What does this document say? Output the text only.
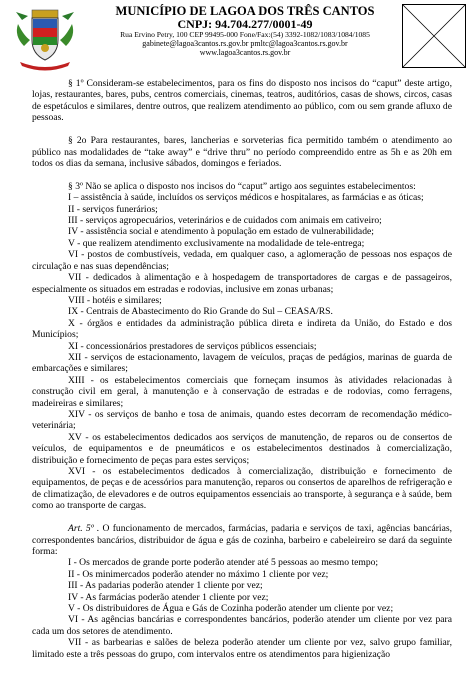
MUNICÍPIO DE LAGOA DOS TRÊS CANTOS
CNPJ: 94.704.277/0001-49
Rua Ervino Petry, 100 CEP 99495-000 Fone/Fax:(54) 3392-1082/1083/1084/1085
gabinete@lagoa3cantos.rs.gov.br pmltc@lagoa3cantos.rs.gov.br
www.lagoa3cantos.rs.gov.br

§ 1º Consideram-se estabelecimentos, para os fins do disposto nos incisos do “caput” deste artigo, lojas, restaurantes, bares, pubs, centros comerciais, cinemas, teatros, auditórios, casas de shows, circos, casas de espetáculos e similares, dentre outros, que realizem atendimento ao público, com ou sem grande afluxo de pessoas.

§ 2o Para restaurantes, bares, lancherias e sorveterias fica permitido também o atendimento ao público nas modalidades de “take away” e “drive thru” no período compreendido entre as 5h e as 20h em todos os dias da semana, inclusive sábados, domingos e feriados.

§ 3º Não se aplica o disposto nos incisos do “caput” artigo aos seguintes estabelecimentos:

I – assistência à saúde, incluídos os serviços médicos e hospitalares, as farmácias e as óticas;

II - serviços funerários;

III - serviços agropecuários, veterinários e de cuidados com animais em cativeiro;

IV - assistência social e atendimento à população em estado de vulnerabilidade;

V - que realizem atendimento exclusivamente na modalidade de tele-entrega;

VI - postos de combustíveis, vedada, em qualquer caso, a aglomeração de pessoas nos espaços de circulação e nas suas dependências;

VII - dedicados à alimentação e à hospedagem de transportadores de cargas e de passageiros, especialmente os situados em estradas e rodovias, inclusive em zonas urbanas;

VIII - hotéis e similares;

IX - Centrais de Abastecimento do Rio Grande do Sul – CEASA/RS.

X - órgãos e entidades da administração pública direta e indireta da União, do Estado e dos Municípios;

XI - concessionários prestadores de serviços públicos essenciais;

XII - serviços de estacionamento, lavagem de veículos, praças de pedágios, marinas de guarda de embarcações e similares;

XIII - os estabelecimentos comerciais que forneçam insumos às atividades relacionadas à construção civil em geral, à manutenção e à conservação de estradas e de rodovias, como ferragens, madeireiras e similares;

XIV - os serviços de banho e tosa de animais, quando estes decorram de recomendação médico-veterinária;

XV - os estabelecimentos dedicados aos serviços de manutenção, de reparos ou de consertos de veículos, de equipamentos e de pneumáticos e os estabelecimentos destinados à comercialização, distribuição e fornecimento de peças para estes serviços;

XVI - os estabelecimentos dedicados à comercialização, distribuição e fornecimento de equipamentos, de peças e de acessórios para manutenção, reparos ou consertos de aparelhos de refrigeração e de climatização, de elevadores e de outros equipamentos essenciais ao transporte, à segurança e à saúde, bem como ao transporte de cargas.

Art. 5º . O funcionamento de mercados, farmácias, padaria e serviços de taxi, agências bancárias, correspondentes bancários, distribuidor de água e gás de cozinha, barbeiro e cabeleireiro se dará da seguinte forma:

I - Os mercados de grande porte poderão atender até 5 pessoas ao mesmo tempo;

II - Os minimercados poderão atender no máximo 1 cliente por vez;

III - As padarias poderão atender 1 cliente por vez;

IV - As farmácias poderão atender 1 cliente por vez;

V - Os distribuidores de Água e Gás de Cozinha poderão atender um cliente por vez;

VI - As agências bancárias e correspondentes bancários, poderão atender um cliente por vez para cada um dos setores de atendimento.

VII - as barbearias e salões de beleza poderão atender um cliente por vez, salvo grupo familiar, limitado este a três pessoas do grupo, com intervalos entre os atendimentos para higienização
